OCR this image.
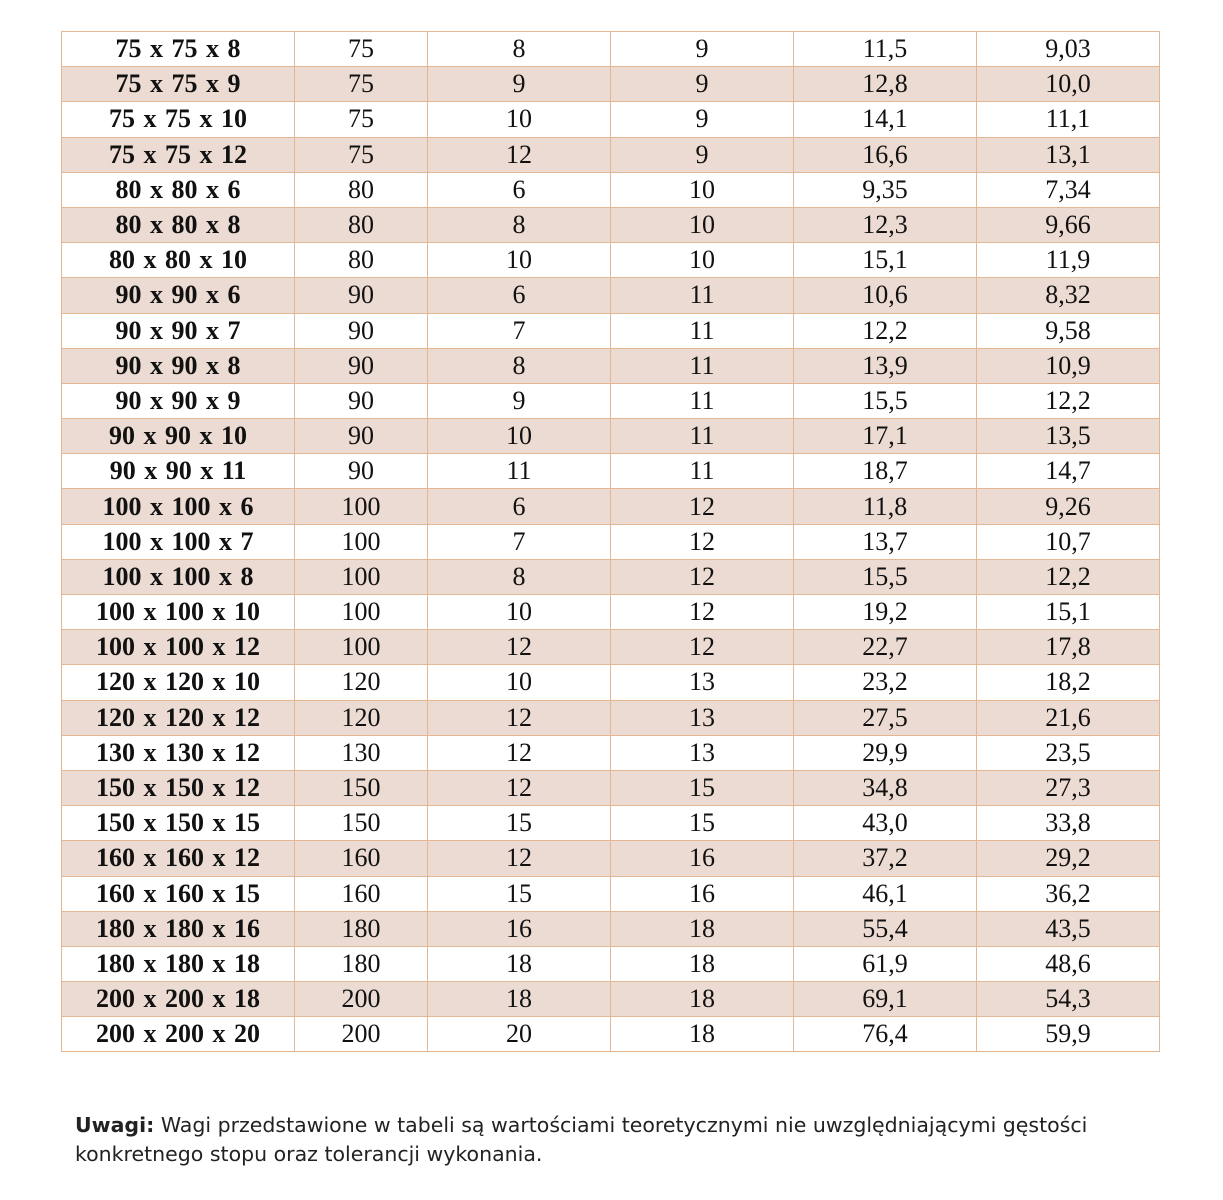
75 x 75 x 8	75	8	9	11,5	9,03
75 x 75 x 9	75	9	9	12,8	10,0
75 x 75 x 10	75	10	9	14,1	11,1
75 x 75 x 12	75	12	9	16,6	13,1
80 x 80 x 6	80	6	10	9,35	7,34
80 x 80 x 8	80	8	10	12,3	9,66
80 x 80 x 10	80	10	10	15,1	11,9
90 x 90 x 6	90	6	11	10,6	8,32
90 x 90 x 7	90	7	11	12,2	9,58
90 x 90 x 8	90	8	11	13,9	10,9
90 x 90 x 9	90	9	11	15,5	12,2
90 x 90 x 10	90	10	11	17,1	13,5
90 x 90 x 11	90	11	11	18,7	14,7
100 x 100 x 6	100	6	12	11,8	9,26
100 x 100 x 7	100	7	12	13,7	10,7
100 x 100 x 8	100	8	12	15,5	12,2
100 x 100 x 10	100	10	12	19,2	15,1
100 x 100 x 12	100	12	12	22,7	17,8
120 x 120 x 10	120	10	13	23,2	18,2
120 x 120 x 12	120	12	13	27,5	21,6
130 x 130 x 12	130	12	13	29,9	23,5
150 x 150 x 12	150	12	15	34,8	27,3
150 x 150 x 15	150	15	15	43,0	33,8
160 x 160 x 12	160	12	16	37,2	29,2
160 x 160 x 15	160	15	16	46,1	36,2
180 x 180 x 16	180	16	18	55,4	43,5
180 x 180 x 18	180	18	18	61,9	48,6
200 x 200 x 18	200	18	18	69,1	54,3
200 x 200 x 20	200	20	18	76,4	59,9
Uwagi: Wagi przedstawione w tabeli są wartościami teoretycznymi nie uwzględniającymi gęstości konkretnego stopu oraz tolerancji wykonania.
